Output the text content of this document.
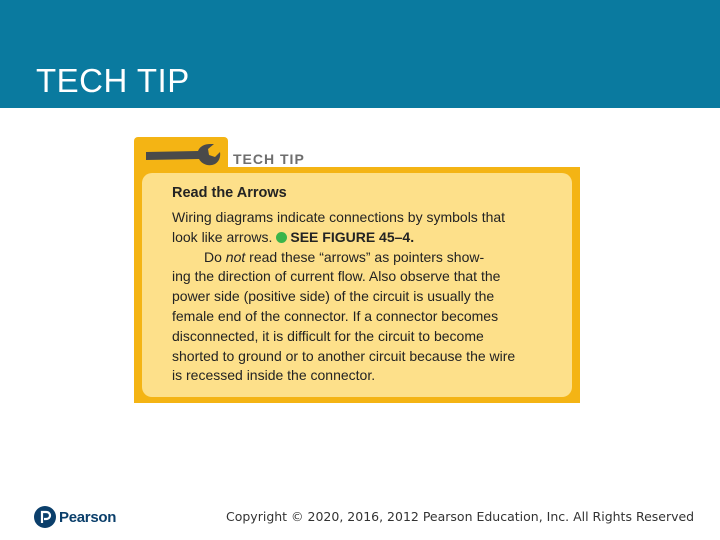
TECH TIP
Read the Arrows
Wiring diagrams indicate connections by symbols that
look like arrows. SEE FIGURE 45–4.
Do not read these “arrows” as pointers show-
ing the direction of current flow. Also observe that the
power side (positive side) of the circuit is usually the
female end of the connector. If a connector becomes
disconnected, it is difficult for the circuit to become
shorted to ground or to another circuit because the wire
is recessed inside the connector.
TECH TIP
Pearson	Copyright © 2020, 2016, 2012 Pearson Education, Inc. All Rights Reserved
